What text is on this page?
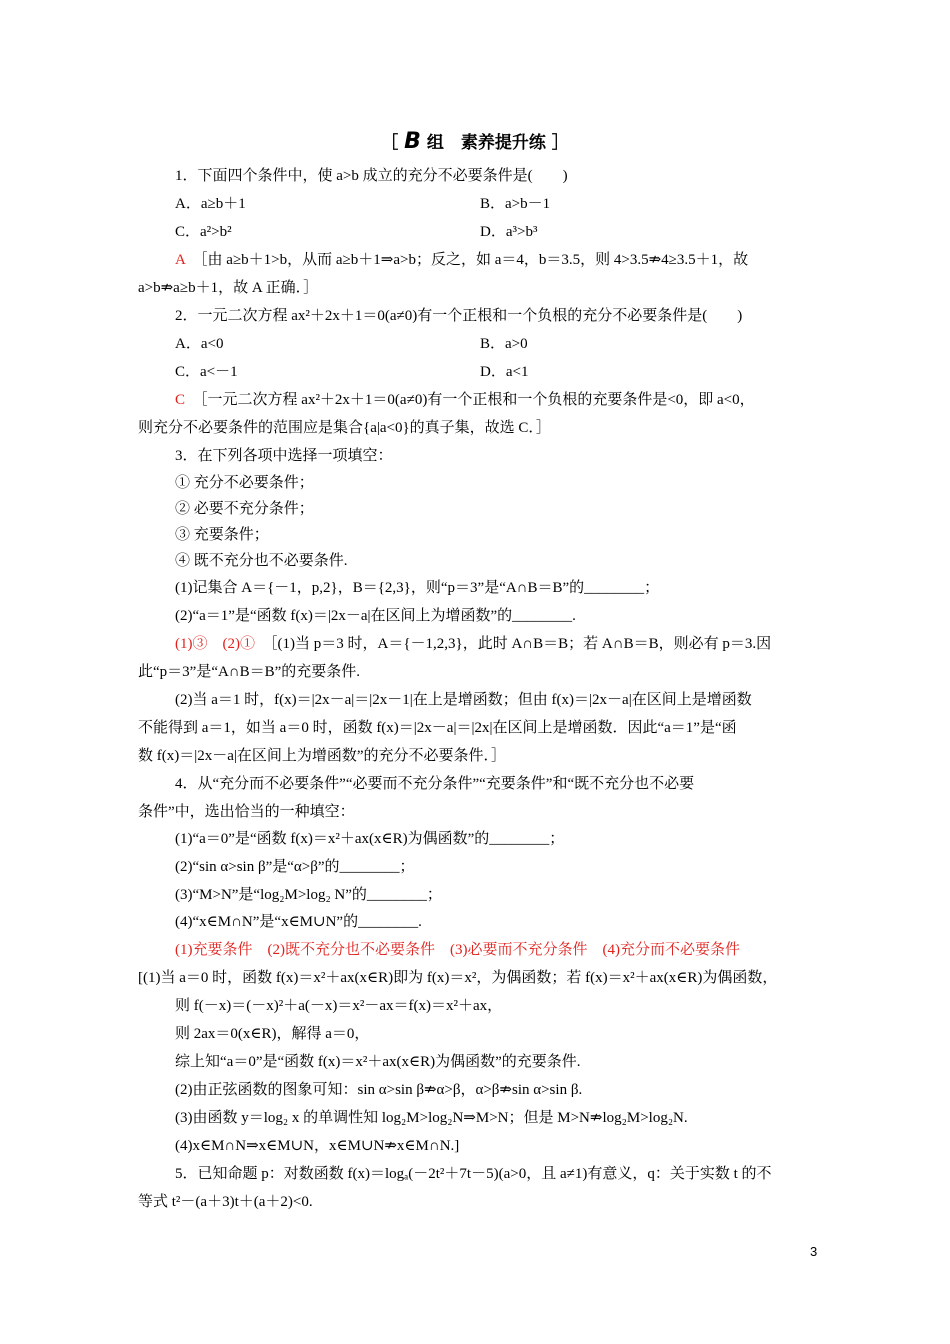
［ B 组　素养提升练 ］
1．下面四个条件中，使 a>b 成立的充分不必要条件是(　　)
A．a≥b＋1	B．a>b－1
C．a²>b²	D．a³>b³
A　 ［由 a≥b＋1>b，从而 a≥b＋1⇒a>b；反之，如 a＝4，b＝3.5，则 4>3.5⇏4≥3.5＋1，故
a>b⇏a≥b＋1，故 A 正确．］
2．一元二次方程 ax²＋2x＋1＝0(a≠0)有一个正根和一个负根的充分不必要条件是(　　)
A．a<0	B．a>0
C．a<－1	D．a<1
C　 ［一元二次方程 ax²＋2x＋1＝0(a≠0)有一个正根和一个负根的充要条件是<0，即 a<0，
则充分不必要条件的范围应是集合{a|a<0}的真子集，故选 C．］
3．在下列各项中选择一项填空：
① 充分不必要条件；
② 必要不充分条件；
③ 充要条件；
④ 既不充分也不必要条件.
(1)记集合 A＝{－1，p,2}，B＝{2,3}，则“p＝3”是“A∩B＝B”的________；
(2)“a＝1”是“函数 f(x)＝|2x－a|在区间上为增函数”的________.
(1)③　(2)①　 ［(1)当 p＝3 时，A＝{－1,2,3}，此时 A∩B＝B；若 A∩B＝B，则必有 p＝3.因
此“p＝3”是“A∩B＝B”的充要条件.
(2)当 a＝1 时，f(x)＝|2x－a|＝|2x－1|在上是增函数；但由 f(x)＝|2x－a|在区间上是增函数
不能得到 a＝1，如当 a＝0 时，函数 f(x)＝|2x－a|＝|2x|在区间上是增函数．因此“a＝1”是“函
数 f(x)＝|2x－a|在区间上为增函数”的充分不必要条件．］
4．从“充分而不必要条件”“必要而不充分条件”“充要条件”和“既不充分也不必要
条件”中，选出恰当的一种填空：
(1)“a＝0”是“函数 f(x)＝x²＋ax(x∈R)为偶函数”的________；
(2)“sin α>sin β”是“α>β”的________；
(3)“M>N”是“log₂M>log₂ N”的________；
(4)“x∈M∩N”是“x∈M∪N”的________.
(1)充要条件　(2)既不充分也不必要条件　(3)必要而不充分条件　(4)充分而不必要条件
[(1)当 a＝0 时，函数 f(x)＝x²＋ax(x∈R)即为 f(x)＝x²，为偶函数；若 f(x)＝x²＋ax(x∈R)为偶函数，
则 f(－x)＝(－x)²＋a(－x)＝x²－ax＝f(x)＝x²＋ax，
则 2ax＝0(x∈R)，解得 a＝0，
综上知“a＝0”是“函数 f(x)＝x²＋ax(x∈R)为偶函数”的充要条件.
(2)由正弦函数的图象可知：sin α>sin β⇏α>β，α>β⇏sin α>sin β.
(3)由函数 y＝log₂ x 的单调性知 log₂M>log₂N⇒M>N；但是 M>N⇏log₂M>log₂N.
(4)x∈M∩N⇒x∈M∪N，x∈M∪N⇏x∈M∩N.]
5．已知命题 p：对数函数 f(x)＝logₐ(－2t²＋7t－5)(a>0，且 a≠1)有意义，q：关于实数 t 的不
等式 t²－(a＋3)t＋(a＋2)<0.
3
